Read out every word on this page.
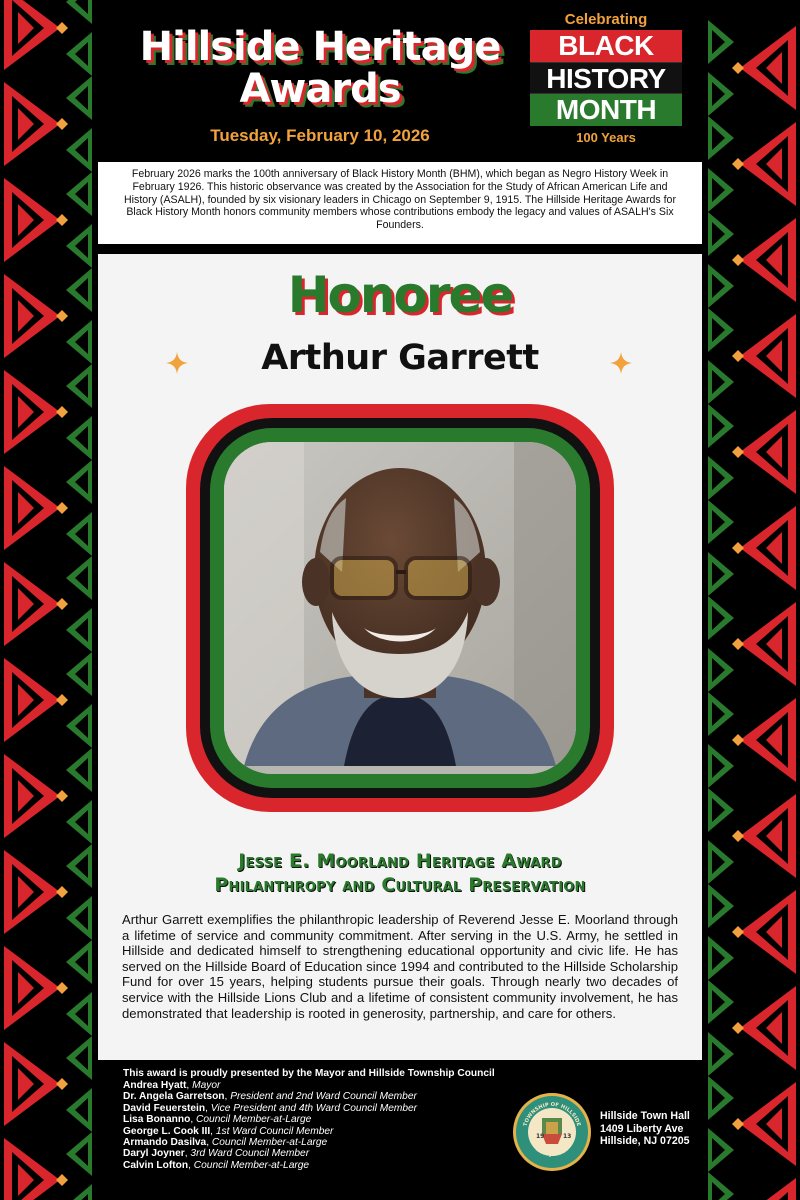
Hillside Heritage
Awards
Tuesday, February 10, 2026
Celebrating
BLACK
HISTORY
MONTH
100 Years
February 2026 marks the 100th anniversary of Black History Month (BHM), which began as Negro History Week in February 1926. This historic observance was created by the Association for the Study of African American Life and History (ASALH), founded by six visionary leaders in Chicago on September 9, 1915. The Hillside Heritage Awards for Black History Month honors community members whose contributions embody the legacy and values of ASALH's Six Founders.
Honoree
Arthur Garrett
Jesse E. Moorland Heritage Award
Philanthropy and Cultural Preservation

Arthur Garrett exemplifies the philanthropic leadership of Reverend Jesse E. Moorland through a lifetime of service and community commitment. After serving in the U.S. Army, he settled in Hillside and dedicated himself to strengthening educational opportunity and civic life. He has served on the Hillside Board of Education since 1994 and contributed to the Hillside Scholarship Fund for over 15 years, helping students pursue their goals. Through nearly two decades of service with the Hillside Lions Club and a lifetime of consistent community involvement, he has demonstrated that leadership is rooted in generosity, partnership, and care for others.

This award is proudly presented by the Mayor and Hillside Township Council
Andrea Hyatt, Mayor
Dr. Angela Garretson, President and 2nd Ward Council Member
David Feuerstein, Vice President and 4th Ward Council Member
Lisa Bonanno, Council Member-at-Large
George L. Cook III, 1st Ward Council Member
Armando Dasilva, Council Member-at-Large
Daryl Joyner, 3rd Ward Council Member
Calvin Lofton, Council Member-at-Large
TOWNSHIP OF HILLSIDE
NEW JERSEY
19	13
Hillside Town Hall
1409 Liberty Ave
Hillside, NJ 07205
